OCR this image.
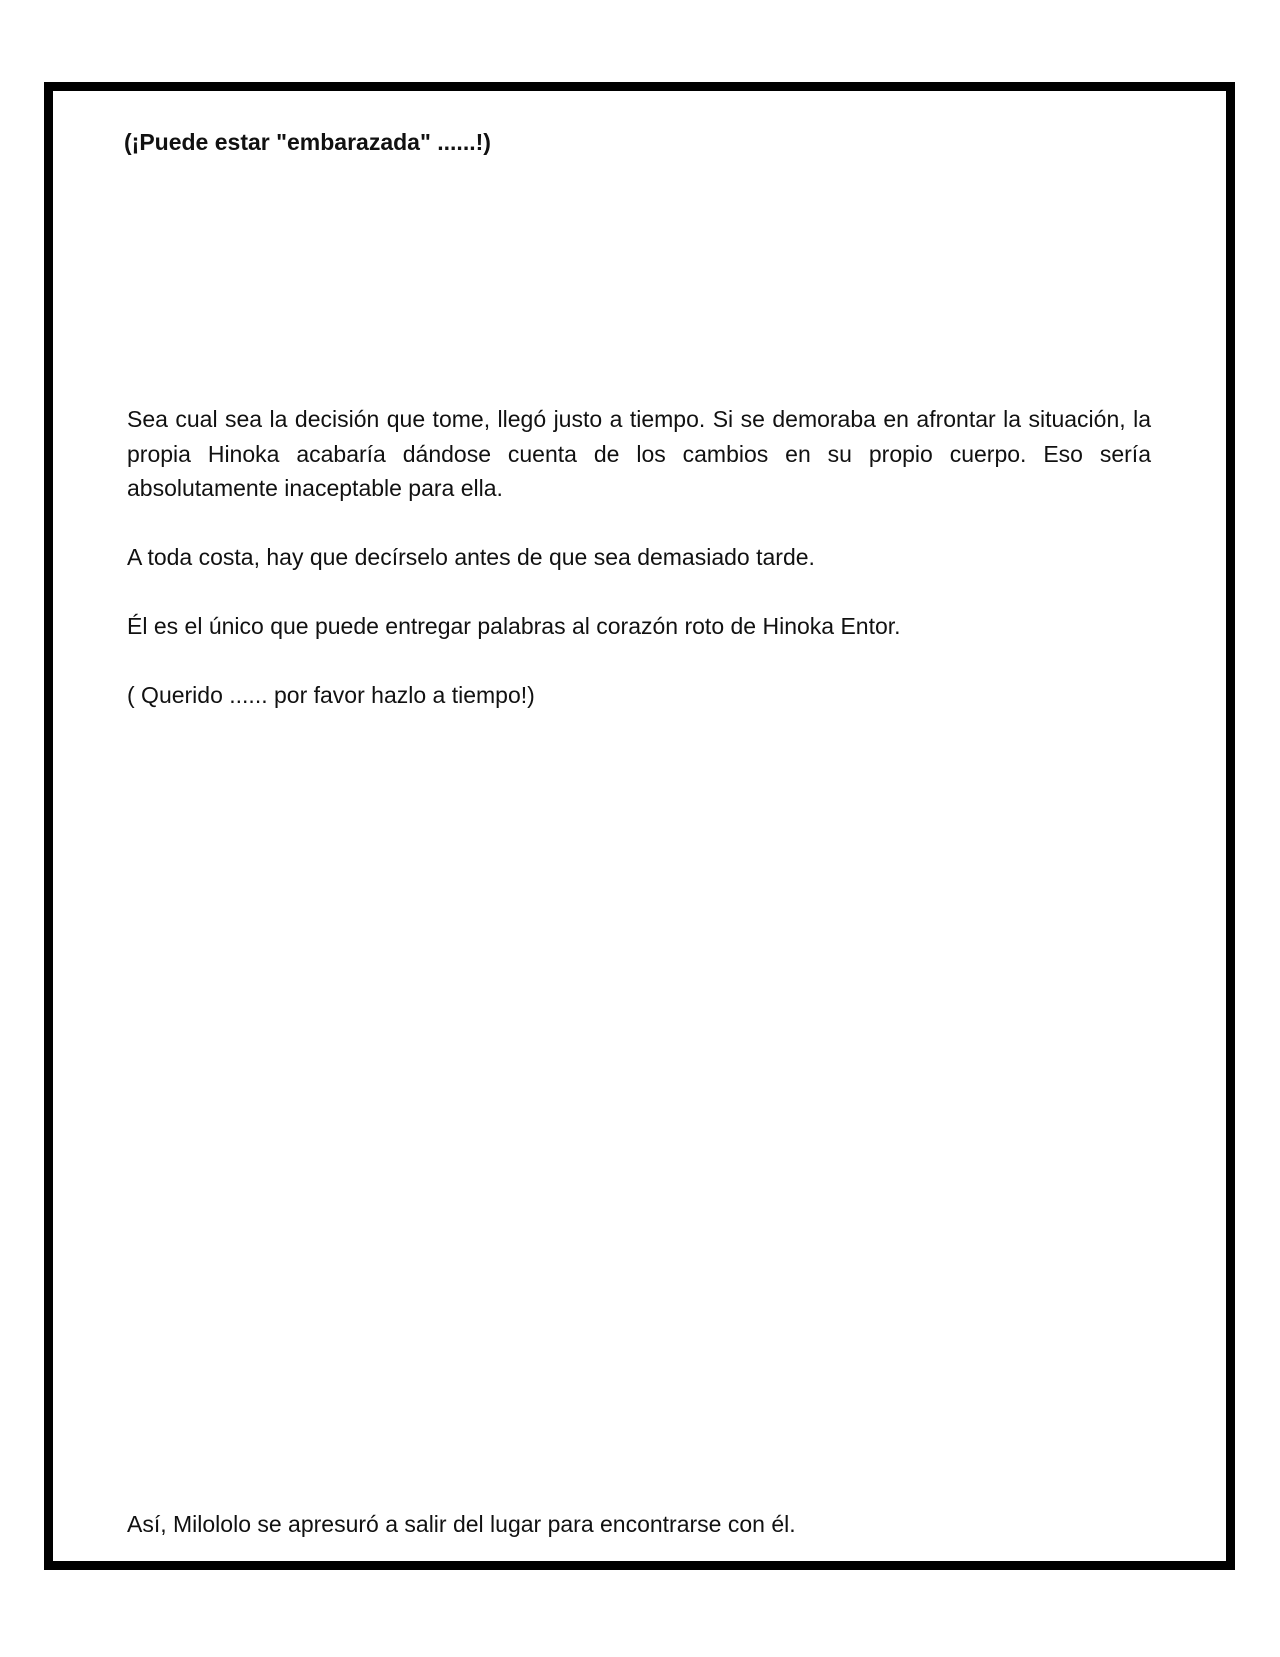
(¡Puede estar "embarazada" ......!)

Sea cual sea la decisión que tome, llegó justo a tiempo. Si se demoraba en afrontar la situación, la propia Hinoka acabaría dándose cuenta de los cambios en su propio cuerpo. Eso sería absolutamente inaceptable para ella.

A toda costa, hay que decírselo antes de que sea demasiado tarde.

Él es el único que puede entregar palabras al corazón roto de Hinoka Entor.

( Querido ...... por favor hazlo a tiempo!)

Así, Milololo se apresuró a salir del lugar para encontrarse con él.
